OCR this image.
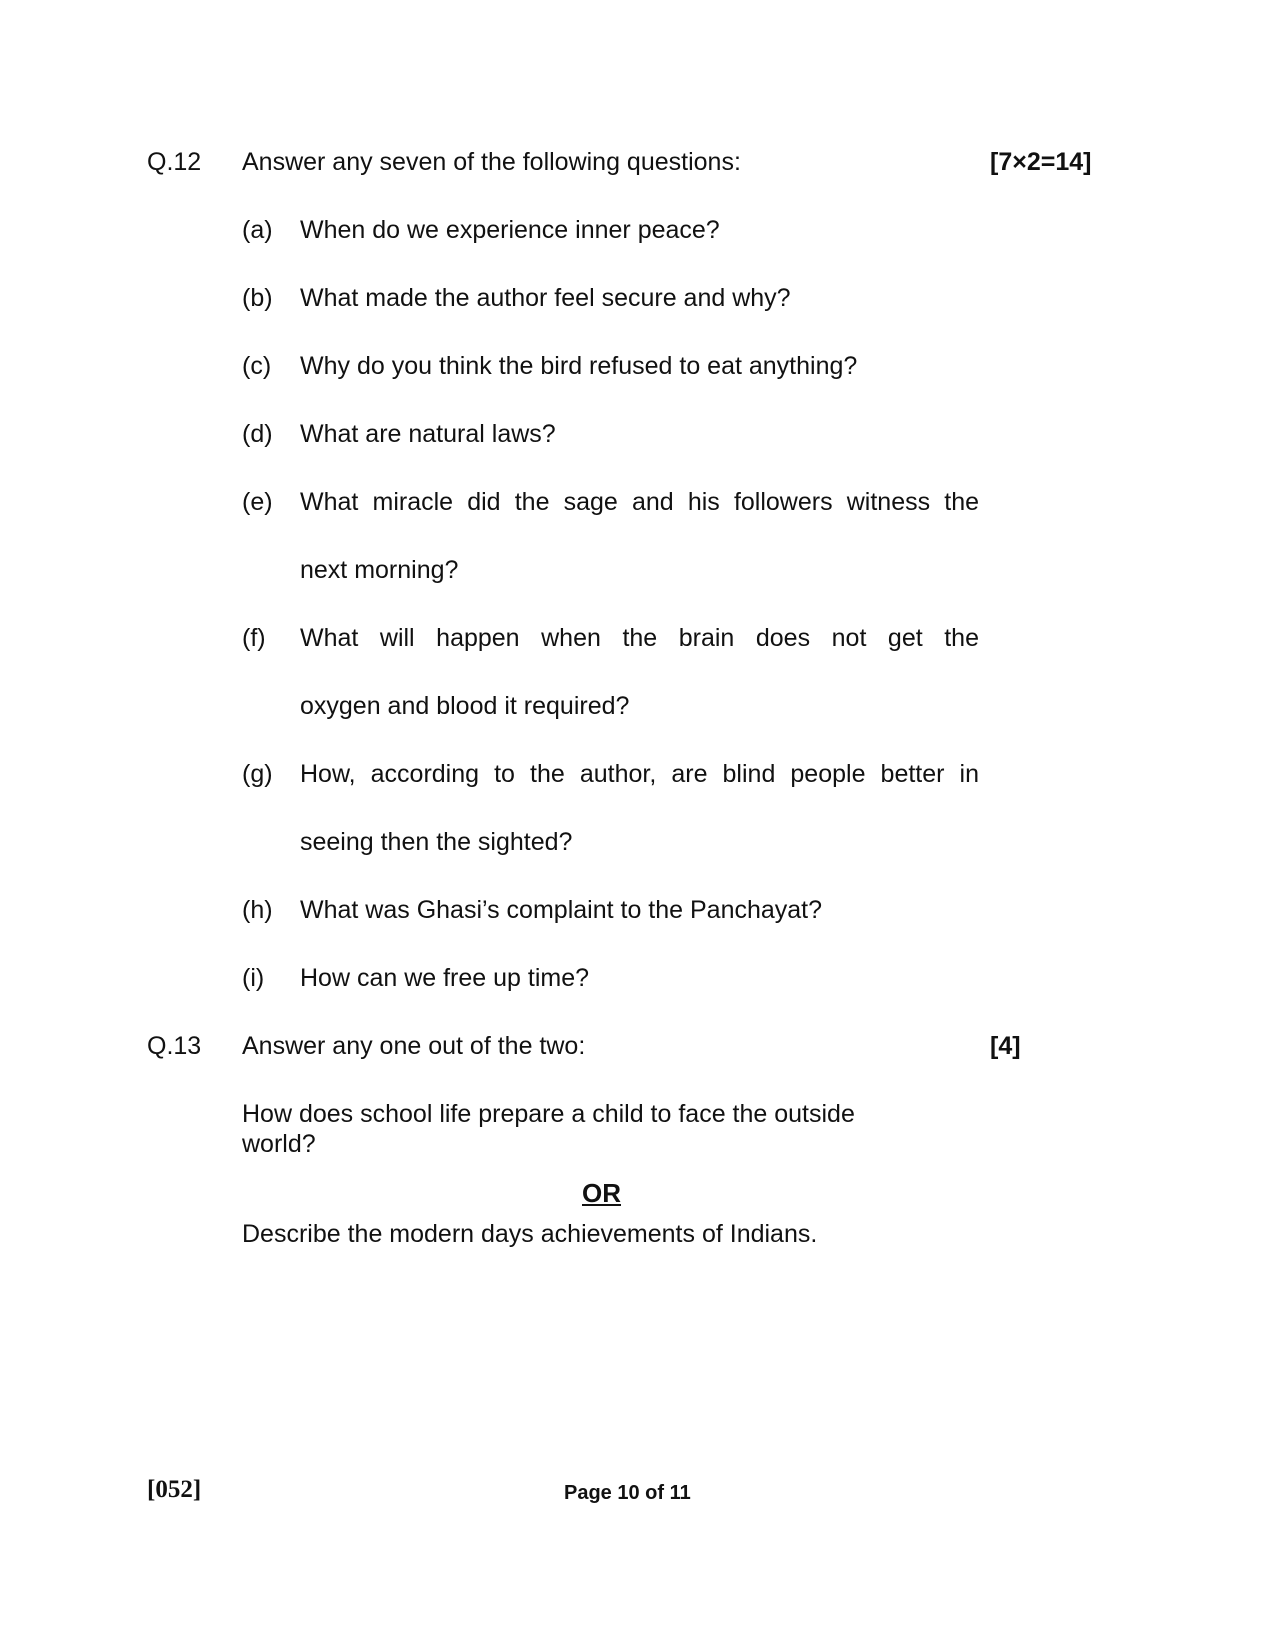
Q.12 Answer any seven of the following questions:	[7×2=14]
(a) When do we experience inner peace?
(b) What made the author feel secure and why?
(c) Why do you think the bird refused to eat anything?
(d) What are natural laws?
(e) What miracle did the sage and his followers witness the
next morning?
(f) What will happen when the brain does not get the
oxygen and blood it required?
(g) How, according to the author, are blind people better in
seeing then the sighted?
(h) What was Ghasi’s complaint to the Panchayat?
(i) How can we free up time?
Q.13 Answer any one out of the two:	[4]
How does school life prepare a child to face the outside
world?
OR
Describe the modern days achievements of Indians.
[052]	Page 10 of 11
